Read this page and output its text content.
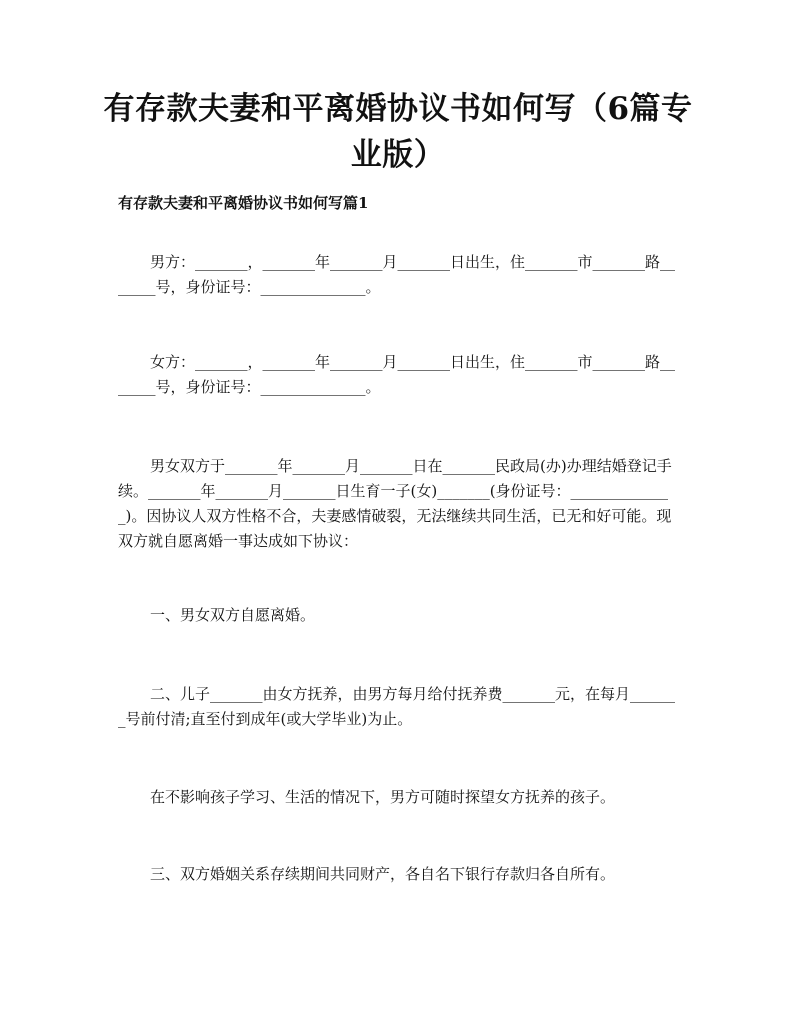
有存款夫妻和平离婚协议书如何写（6篇专业版）
有存款夫妻和平离婚协议书如何写篇1
男方：_______，_______年_______月_______日出生，住_______市_______路_______号，身份证号：______________。
女方：_______，_______年_______月_______日出生，住_______市_______路_______号，身份证号：______________。
男女双方于_______年_______月_______日在_______民政局(办)办理结婚登记手续。_______年_______月_______日生育一子(女)_______(身份证号：______________)。因协议人双方性格不合，夫妻感情破裂，无法继续共同生活，已无和好可能。现双方就自愿离婚一事达成如下协议：
一、男女双方自愿离婚。
二、儿子_______由女方抚养，由男方每月给付抚养费_______元，在每月_______号前付清;直至付到成年(或大学毕业)为止。
在不影响孩子学习、生活的情况下，男方可随时探望女方抚养的孩子。
三、双方婚姻关系存续期间共同财产，各自名下银行存款归各自所有。
